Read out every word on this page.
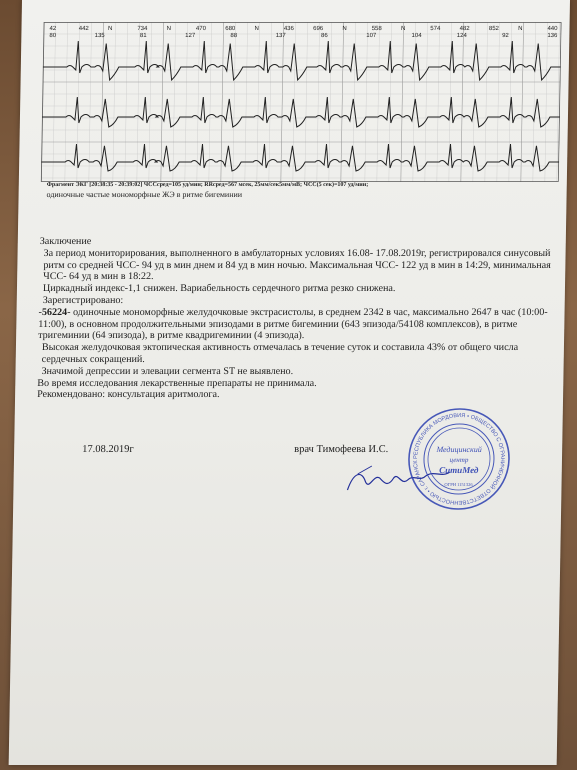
42	442	N	734	N	470	680	N	436	696	N	558	N	574	482	852	N	440
80	135	81	127	88	137	86	107	104	124	92	136
Фрагмент ЭКГ [20:38:35 - 20:39:02] ЧССсред=105 уд/мин; RRсред=567 мсек, 25мм/сек5мм/мВ; ЧСС(5 сек)=107 уд/мин;
одиночные частые мономорфные ЖЭ в ритме бигеминии

Заключение

За период мониторирования, выполненного в амбулаторных условиях 16.08- 17.08.2019г, регистрировался синусовый ритм со средней ЧСС- 94 уд в мин днем и 84 уд в мин ночью. Максимальная ЧСС- 122 уд в мин в 14:29, минимальная ЧСС- 64 уд в мин в 18:22.

Циркадный индекс-1,1 снижен. Вариабельность сердечного ритма резко снижена.

Зарегистрировано:

-56224- одиночные мономорфные желудочковые экстрасистолы, в среднем 2342 в час, максимально 2647 в час (10:00-11:00), в основном продолжительными эпизодами в ритме бигеминии (643 эпизода/54108 комплексов), в ритме тригеминии (64 эпизода), в ритме квадригеминии (4 эпизода).

Высокая желудочковая эктопическая активность отмечалась в течение суток и составила 43% от общего числа сердечных сокращений.

Значимой депрессии и элевации сегмента ST не выявлено.

Во время исследования лекарственные препараты не принимала.

Рекомендовано: консультация аритмолога.

17.08.2019г	врач Тимофеева И.С.
РЕСПУБЛИКА МОРДОВИЯ • ОБЩЕСТВО С ОГРАНИЧЕННОЙ ОТВЕТСТВЕННОСТЬЮ • г. САРАНСК
Медицинский
центр
СитиМед
ОГРН 1151326
